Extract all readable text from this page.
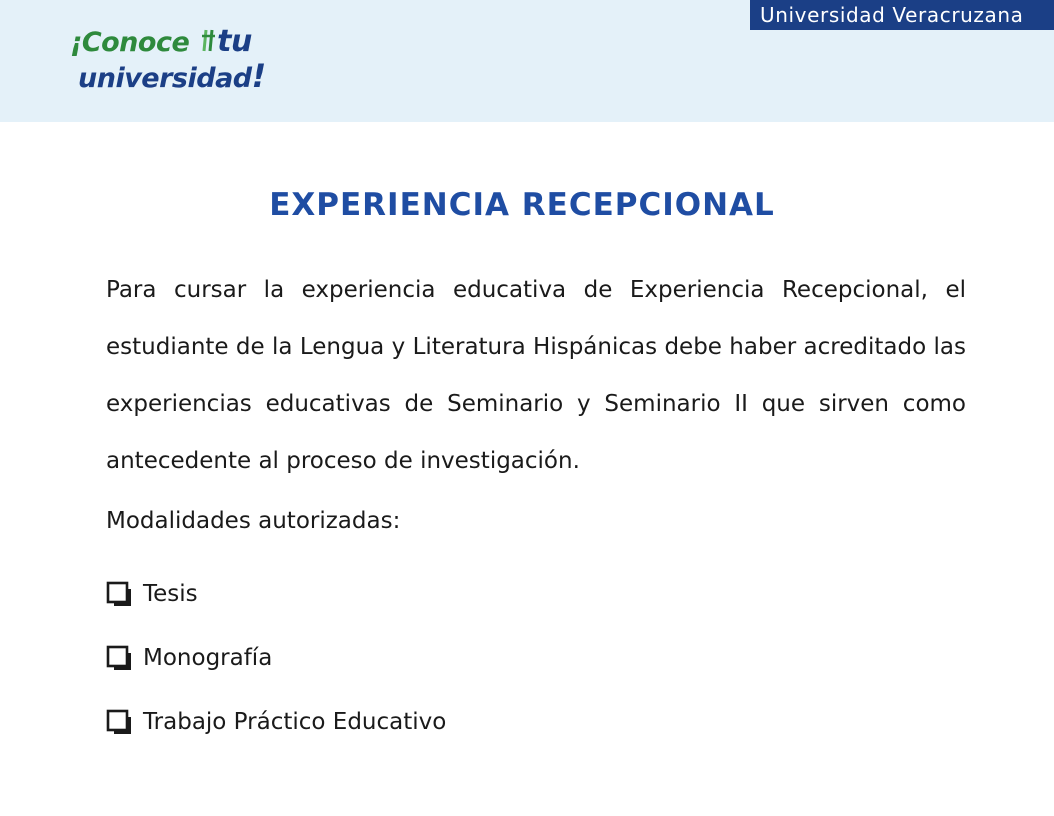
¡Conoce tu
universidad!
Universidad Veracruzana
EXPERIENCIA RECEPCIONAL
Para cursar la experiencia educativa de Experiencia Recepcional, el estudiante de la Lengua y Literatura Hispánicas debe haber acreditado las experiencias educativas de Seminario y Seminario II que sirven como antecedente al proceso de investigación.
Modalidades autorizadas:
Tesis
Monografía
Trabajo Práctico Educativo
